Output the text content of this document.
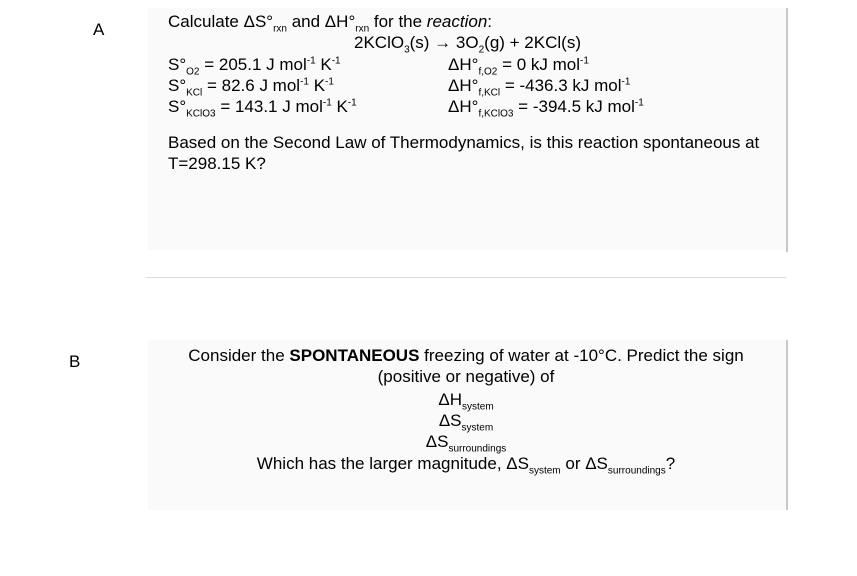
A	Calculate $\Delta S^\circ_{rxn}$ and $\Delta H^\circ_{rxn}$ for the reaction:
2KClO$_3$(s) → $3O_2(g) + 2KCl(s)$
$S^\circ_{O2} = 205.1$ J mol$^{-1}$ $K^{-1}$
$S^\circ_{KCl} = 82.6$ J mol$^{-1}$ $K^{-1}$
$S^\circ_{KClO3} = 143.1$ J mol$^{-1}$ $K^{-1}$
$\Delta H^\circ_{f,O2} = 0$ kJ mol$^{-1}$
$\Delta H^\circ_{f,KCl} = -436.3$ kJ mol$^{-1}$
$\Delta H^\circ_{f,KClO3} = -394.5$ kJ mol$^{-1}$
Based on the Second Law of Thermodynamics, is this reaction spontaneous at T=298.15 K?
B	Consider the SPONTANEOUS freezing of water at -10°C. Predict the sign
(positive or negative) of
$\Delta H_{system}$
$\Delta S_{system}$
$\Delta S_{surroundings}$
Which has the larger magnitude, $\Delta S_{system}$ or $\Delta S_{surroundings}$?
